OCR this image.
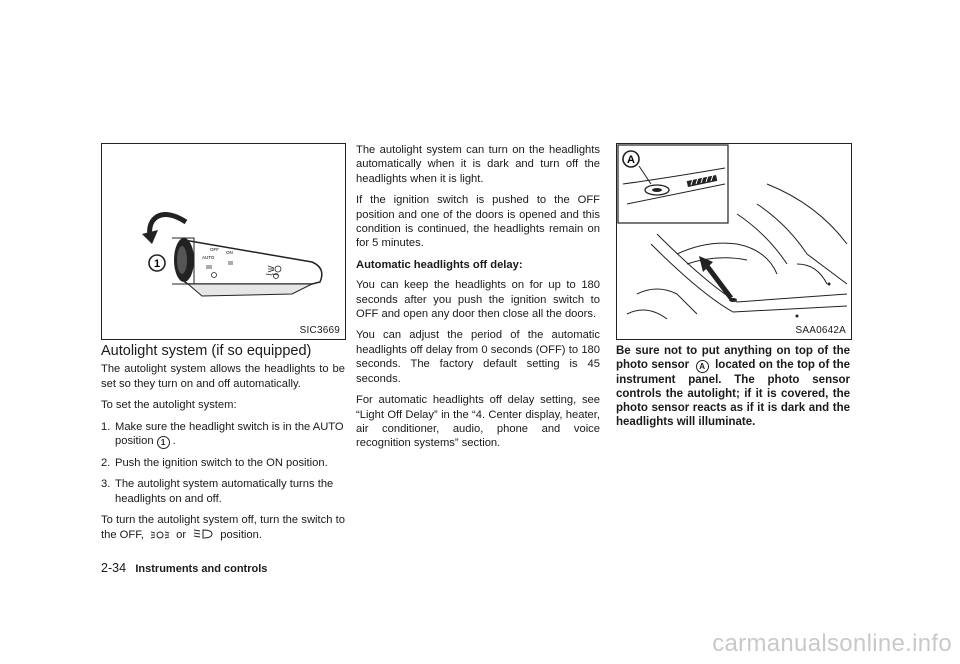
OFF
AUTO
ON
1
SIC3669
Autolight system (if so equipped)

The autolight system allows the headlights to be set so they turn on and off automatically.

To set the autolight system:

1. Make sure the headlight switch is in the AUTO position 1 .
2. Push the ignition switch to the ON position.
3. The autolight system automatically turns the headlights on and off.

To turn the autolight system off, turn the switch to the OFF,	or	position.

The autolight system can turn on the headlights automatically when it is dark and turn off the headlights when it is light.

If the ignition switch is pushed to the OFF position and one of the doors is opened and this condition is continued, the headlights remain on for 5 minutes.

Automatic headlights off delay:

You can keep the headlights on for up to 180 seconds after you push the ignition switch to OFF and open any door then close all the doors.

You can adjust the period of the automatic headlights off delay from 0 seconds (OFF) to 180 seconds. The factory default setting is 45 seconds.

For automatic headlights off delay setting, see “Light Off Delay” in the “4. Center display, heater, air conditioner, audio, phone and voice recognition systems” section.

A
SAA0642A
Be sure not to put anything on top of the photo sensor A located on the top of the instrument panel. The photo sensor controls the autolight; if it is covered, the photo sensor reacts as if it is dark and the headlights will illuminate.
2-34 Instruments and controls
carmanualsonline.info
